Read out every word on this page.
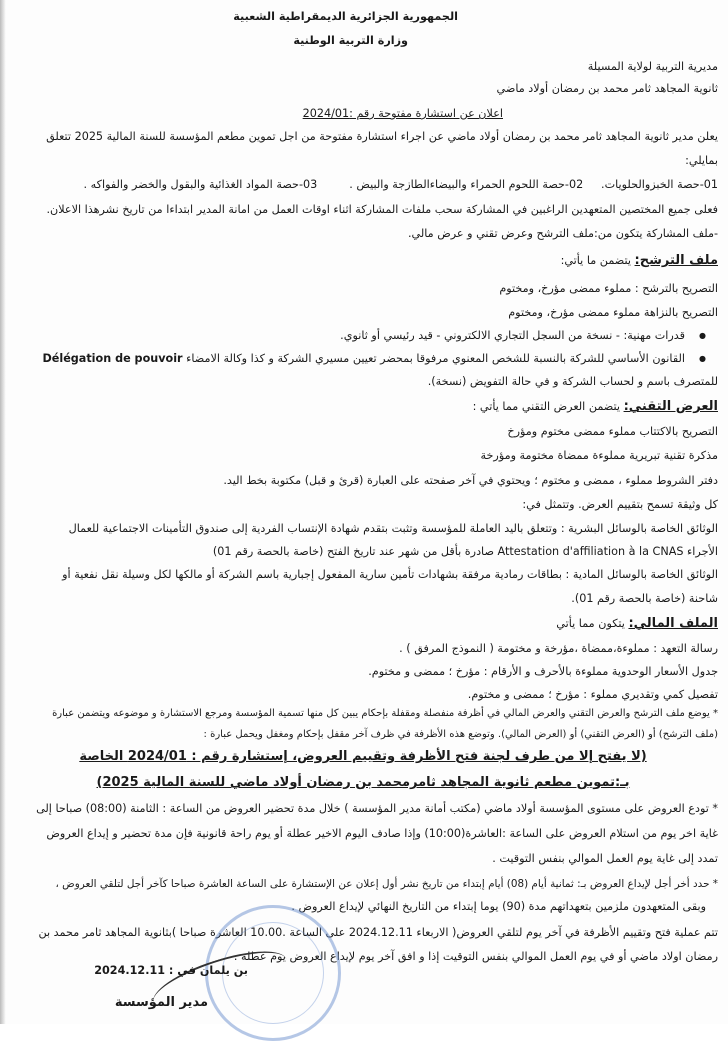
الجمهورية الجزائرية الديمقراطية الشعبية
وزارة التربية الوطنية
مديرية التربية لولاية المسيلة
ثانوية المجاهد ثامر محمد بن رمضان أولاد ماضي
اعلان عن استشارة مفتوحة رقم :2024/01
يعلن مدير ثانوية المجاهد ثامر محمد بن رمضان أولاد ماضي عن اجراء استشارة مفتوحة من اجل تموين مطعم المؤسسة للسنة المالية 2025 تتعلق
بمايلي:
01-حصة الخبزوالحلويات.     02-حصة اللحوم الحمراء والبيضاءالطازجة والبيض .         03-حصة المواد الغذائية والبقول والخضر والفواكه .
فعلى جميع المختصين المتعهدين الراغبين في المشاركة سحب ملفات المشاركة اثناء اوقات العمل من امانة المدير ابتداءا من تاريخ نشرهذا الاعلان.
-ملف المشاركة يتكون من:ملف الترشح وعرض تقني و عرض مالي.
ملف الترشح: يتضمن ما يأتي:
التصريح بالترشح : مملوء ممضى مؤرخ، ومختوم
التصريح بالنزاهة مملوء ممضى مؤرخ، ومختوم
● قدرات مهنية: - نسخة من السجل التجاري الالكتروني - قيد رئيسي أو ثانوي.
● القانون الأساسي للشركة بالنسبة للشخص المعنوي مرفوقا بمحضر تعيين مسيري الشركة و كذا وكالة الامضاء Délégation de pouvoir
للمتصرف باسم و لحساب الشركة و في حالة التفويض (نسخة).
العرض التقني: يتضمن العرض التقني مما يأتي :
التصريح بالاكتتاب مملوء ممضى مختوم ومؤرخ
مذكرة تقنية تبريرية مملوءة ممضاة مختومة ومؤرخة
دفتر الشروط مملوء ، ممضى و مختوم ؛ ويحتوي في آخر صفحته على العبارة (قرئ و قبل) مكتوبة بخط اليد.
كل وثيقة تسمح بتقييم العرض. وتتمثل في:
الوثائق الخاصة بالوسائل البشرية : وتتعلق باليد العاملة للمؤسسة وتثبت بتقدم شهادة الإنتساب الفردية إلى صندوق التأمينات الاجتماعية للعمال
الأجراء Attestation d'affiliation à la CNAS صادرة بأقل من شهر عند تاريخ الفتح (خاصة بالحصة رقم 01)
الوثائق الخاصة بالوسائل المادية : بطاقات رمادية مرفقة بشهادات تأمين سارية المفعول إجبارية باسم الشركة أو مالكها لكل وسيلة نقل نفعية أو
شاحنة (خاصة بالحصة رقم 01).
الملف المالي: يتكون مما يأتي
رسالة التعهد : مملوءة،ممضاة ،مؤرخة و مختومة ( النموذج المرفق ) .
جدول الأسعار الوحدوية مملوءة بالأحرف و الأرقام : مؤرخ ؛ ممضى و مختوم.
تفصيل كمي وتقديري مملوء : مؤرخ ؛ ممضى و مختوم.
* يوضع ملف الترشح والعرض التقني والعرض المالي في أظرفة منفصلة ومقفلة بإحكام يبين كل منها تسمية المؤسسة ومرجع الاستشارة و موضوعه ويتضمن عبارة
(ملف الترشح) أو (العرض التقني) أو (العرض المالي). وتوضع هذه الأظرفة في ظرف آخر مقفل بإحكام ومغفل ويحمل عبارة :
(لا يفتح إلا من طرف لجنة فتح الأظرفة وتقييم العروض، إستشارة رقم : 2024/01 الخاصة
بـ:تموين مطعم ثانوية المجاهد ثامرمحمد بن رمضان أولاد ماضي للسنة المالية 2025)
* تودع العروض على مستوى المؤسسة أولاد ماضي (مكتب أمانة مدير المؤسسة ) خلال مدة تحضير العروض من الساعة : الثامنة (08:00) صباحا إلى
غاية اخر يوم من استلام العروض على الساعة :العاشرة(10:00) وإذا صادف اليوم الاخير عطلة أو يوم راحة قانونية فإن مدة تحضير و إيداع العروض
تمدد إلى غاية يوم العمل الموالي بنفس التوقيت .
* حدد أخر أجل لإيداع العروض بـ: ثمانية أيام (08) أيام إبتداء من تاريخ نشر أول إعلان عن الإستشارة على الساعة العاشرة صباحا كآخر أجل لتلقي العروض ،
وبقى المتعهدون ملزمين بتعهداتهم مدة (90) يوما إبتداء من التاريخ النهائي لإيداع العروض .
تتم عملية فتح وتقييم الأظرفة في آخر يوم لتلقي العروض( الاربعاء 2024.12.11 على الساعة .10.00 العاشرة صباحا )بثانوية المجاهد ثامر محمد بن
رمضان اولاد ماضي أو في يوم العمل الموالي بنفس التوقيت إذا و افق آخر يوم لإيداع العروض يوم عطلة .
بن يلمان في : 2024.12.11
مدير المؤسسة
